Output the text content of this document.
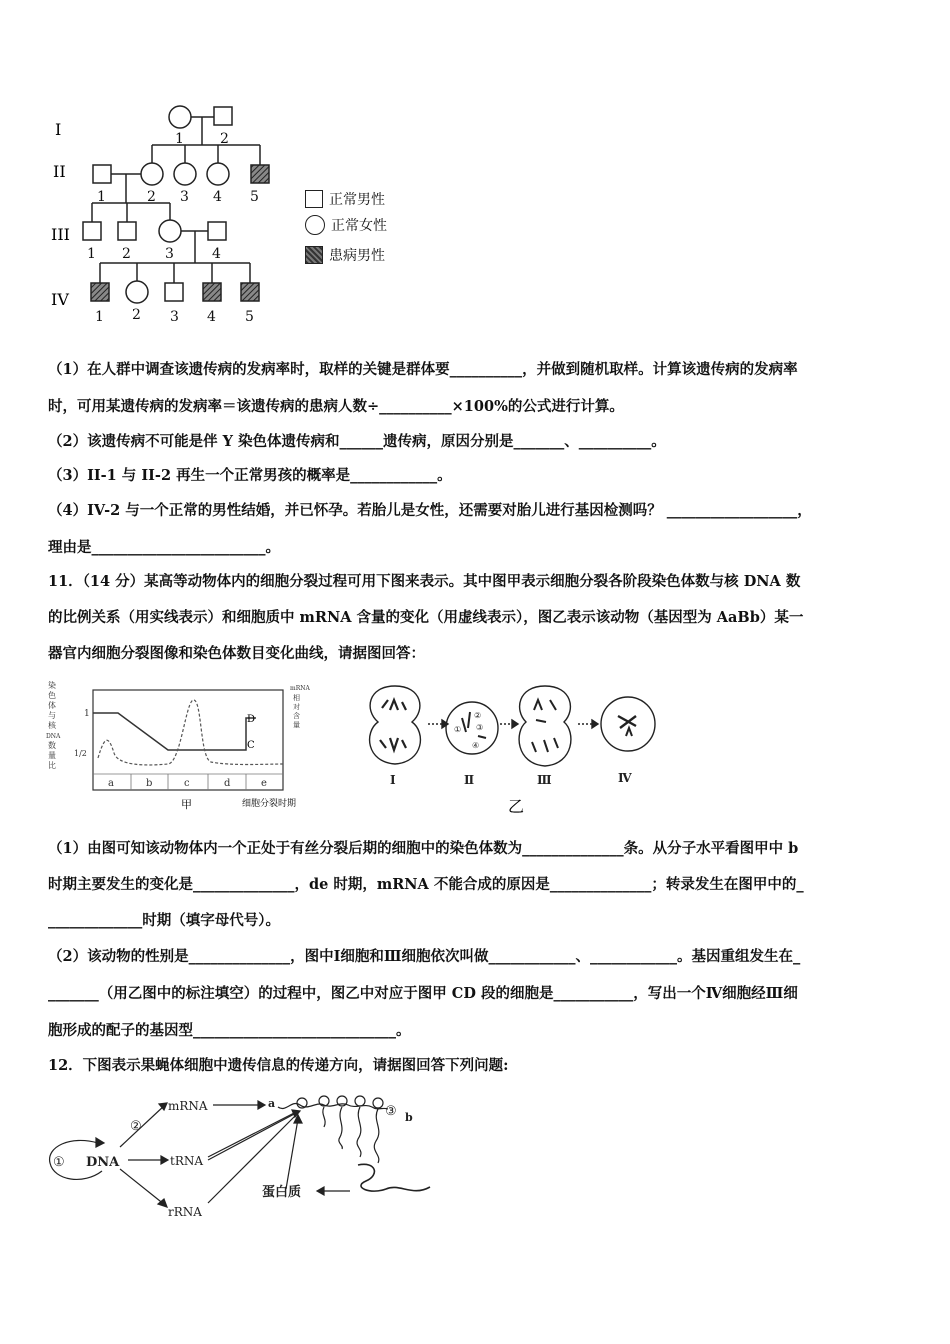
I
II
III
IV
1	2
1	2 3 4 5
1 2 3	4
1 2 3 4 5
正常男性
正常女性
患病男性
（1）在人群中调查该遗传病的发病率时，取样的关键是群体要__________，并做到随机取样。计算该遗传病的发病率
时，可用某遗传病的发病率＝该遗传病的患病人数÷__________×100%的公式进行计算。
（2）该遗传病不可能是伴 Y 染色体遗传病和______遗传病，原因分别是_______、__________。
（3）II-1 与 II-2 再生一个正常男孩的概率是____________。
（4）IV-2 与一个正常的男性结婚，并已怀孕。若胎儿是女性，还需要对胎儿进行基因检测吗？ __________________，
理由是________________________。
11．（14 分）某高等动物体内的细胞分裂过程可用下图来表示。其中图甲表示细胞分裂各阶段染色体数与核 DNA 数
的比例关系（用实线表示）和细胞质中 mRNA 含量的变化（用虚线表示），图乙表示该动物（基因型为 AaBb）某一
器官内细胞分裂图像和染色体数目变化曲线，请据图回答：
染
色
体
与
核
DNA
数
量
比
mRNA
相
对
含
量
1
1/2
D
C
a	b	c	d	e
甲	细胞分裂时期
①
②
③
④
Ⅰ	Ⅱ	Ⅲ	Ⅳ
乙
（1）由图可知该动物体内一个正处于有丝分裂后期的细胞中的染色体数为______________条。从分子水平看图甲中 b
时期主要发生的变化是______________，de 时期，mRNA 不能合成的原因是______________；转录发生在图甲中的_
_____________时期（填字母代号）。
（2）该动物的性别是______________，图中Ⅰ细胞和Ⅲ细胞依次叫做____________、____________。基因重组发生在_
_______（用乙图中的标注填空）的过程中，图乙中对应于图甲 CD 段的细胞是___________，写出一个Ⅳ细胞经Ⅲ细
胞形成的配子的基因型____________________________。
12．下图表示果蝇体细胞中遗传信息的传递方向，请据图回答下列问题:
① DNA
②
mRNA
tRNA
rRNA
a
③ b
蛋白质
